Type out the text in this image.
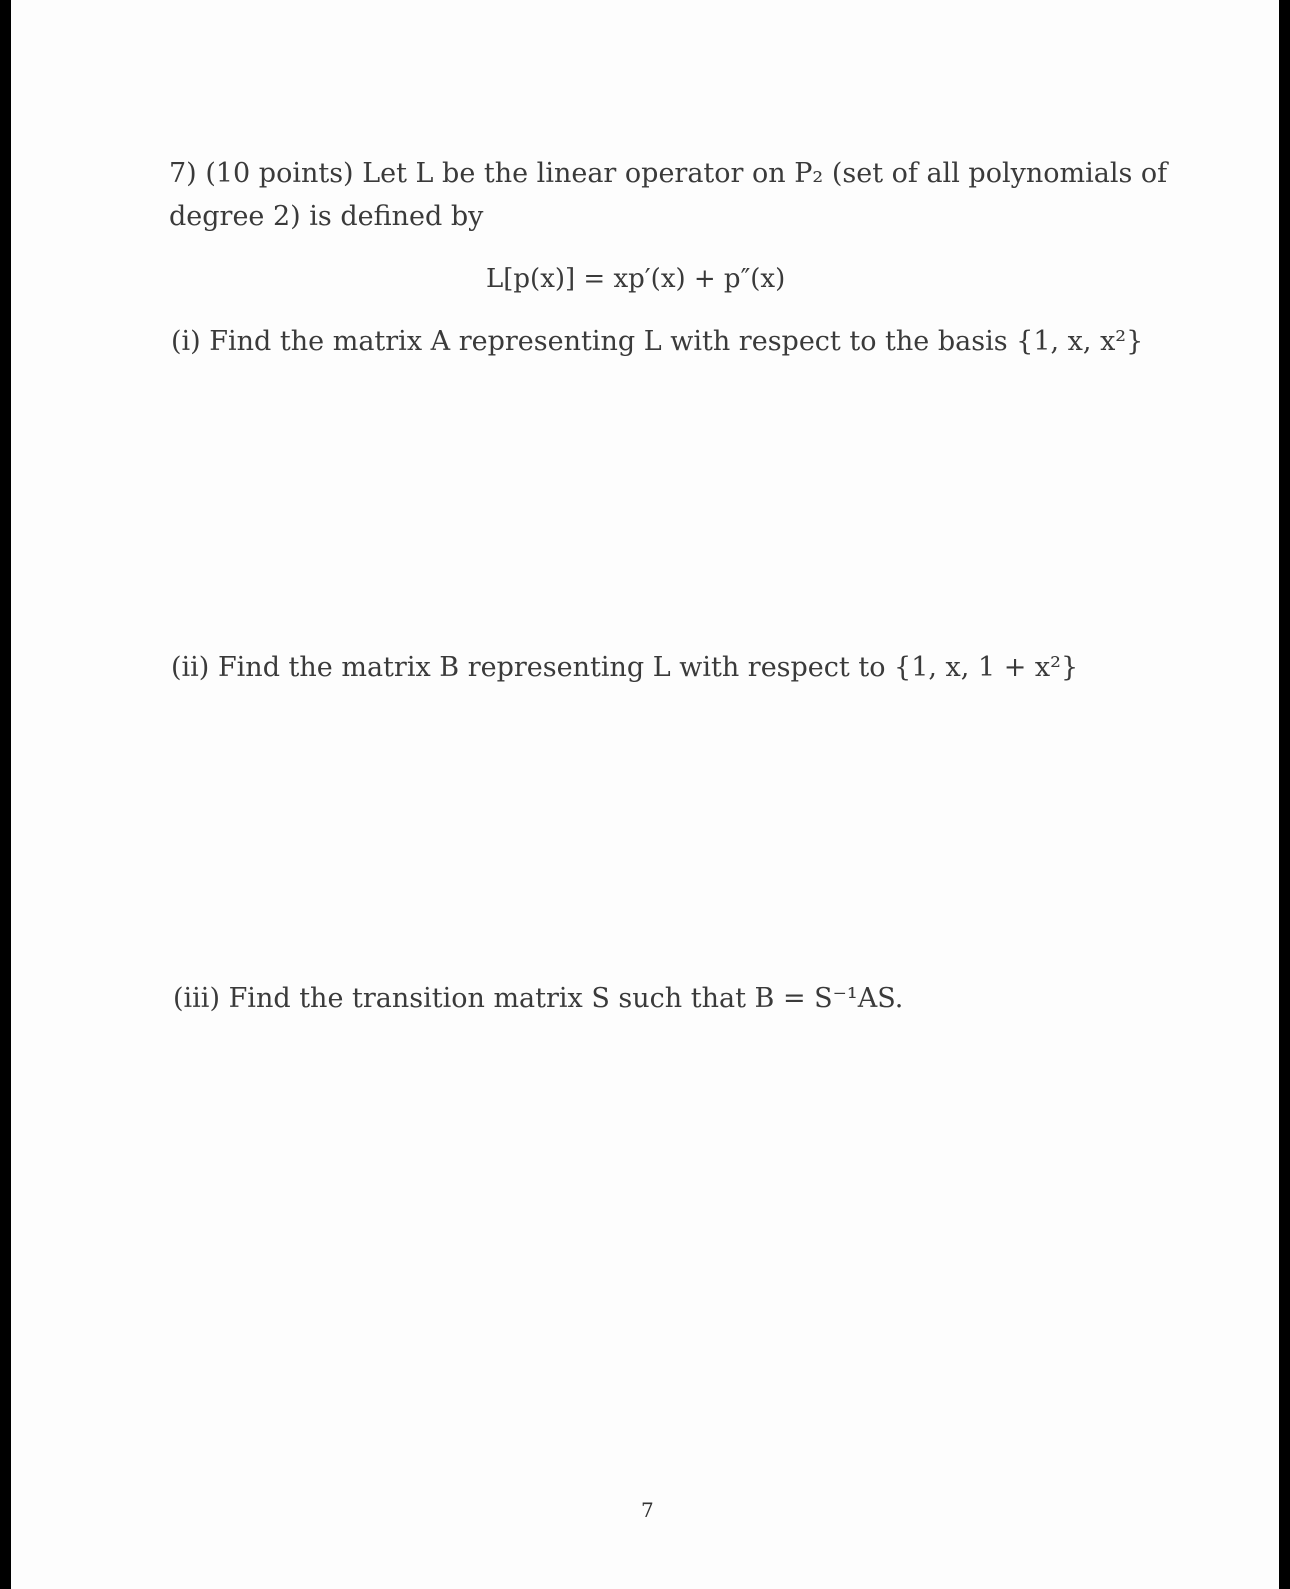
7) (10 points) Let L be the linear operator on P₂ (set of all polynomials of
degree 2) is defined by
L[p(x)] = xp′(x) + p″(x)
(i) Find the matrix A representing L with respect to the basis {1, x, x²}
(ii) Find the matrix B representing L with respect to {1, x, 1 + x²}
(iii) Find the transition matrix S such that B = S⁻¹AS.
7
